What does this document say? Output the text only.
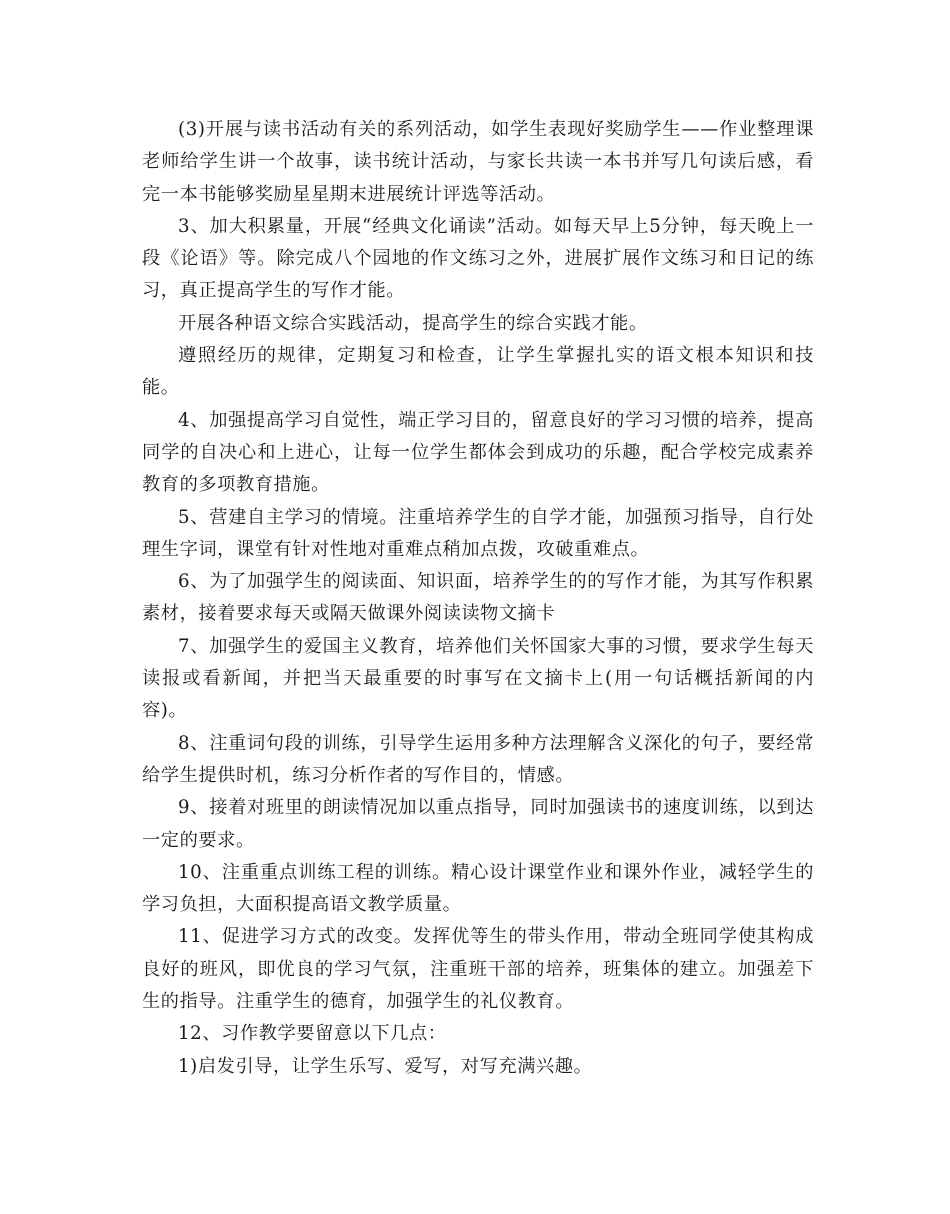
(3)开展与读书活动有关的系列活动，如学生表现好奖励学生——作业整理课老师给学生讲一个故事，读书统计活动，与家长共读一本书并写几句读后感，看完一本书能够奖励星星期末进展统计评选等活动。

3、加大积累量，开展“经典文化诵读”活动。如每天早上5分钟，每天晚上一段《论语》等。除完成八个园地的作文练习之外，进展扩展作文练习和日记的练习，真正提高学生的写作才能。

开展各种语文综合实践活动，提高学生的综合实践才能。

遵照经历的规律，定期复习和检查，让学生掌握扎实的语文根本知识和技能。

4、加强提高学习自觉性，端正学习目的，留意良好的学习习惯的培养，提高同学的自决心和上进心，让每一位学生都体会到成功的乐趣，配合学校完成素养教育的多项教育措施。

5、营建自主学习的情境。注重培养学生的自学才能，加强预习指导，自行处理生字词，课堂有针对性地对重难点稍加点拨，攻破重难点。

6、为了加强学生的阅读面、知识面，培养学生的的写作才能，为其写作积累素材，接着要求每天或隔天做课外阅读读物文摘卡

7、加强学生的爱国主义教育，培养他们关怀国家大事的习惯，要求学生每天读报或看新闻，并把当天最重要的时事写在文摘卡上(用一句话概括新闻的内容)。

8、注重词句段的训练，引导学生运用多种方法理解含义深化的句子，要经常给学生提供时机，练习分析作者的写作目的，情感。

9、接着对班里的朗读情况加以重点指导，同时加强读书的速度训练，以到达一定的要求。

10、注重重点训练工程的训练。精心设计课堂作业和课外作业，减轻学生的学习负担，大面积提高语文教学质量。

11、促进学习方式的改变。发挥优等生的带头作用，带动全班同学使其构成良好的班风，即优良的学习气氛，注重班干部的培养，班集体的建立。加强差下生的指导。注重学生的德育，加强学生的礼仪教育。

12、习作教学要留意以下几点：

1)启发引导，让学生乐写、爱写，对写充满兴趣。
